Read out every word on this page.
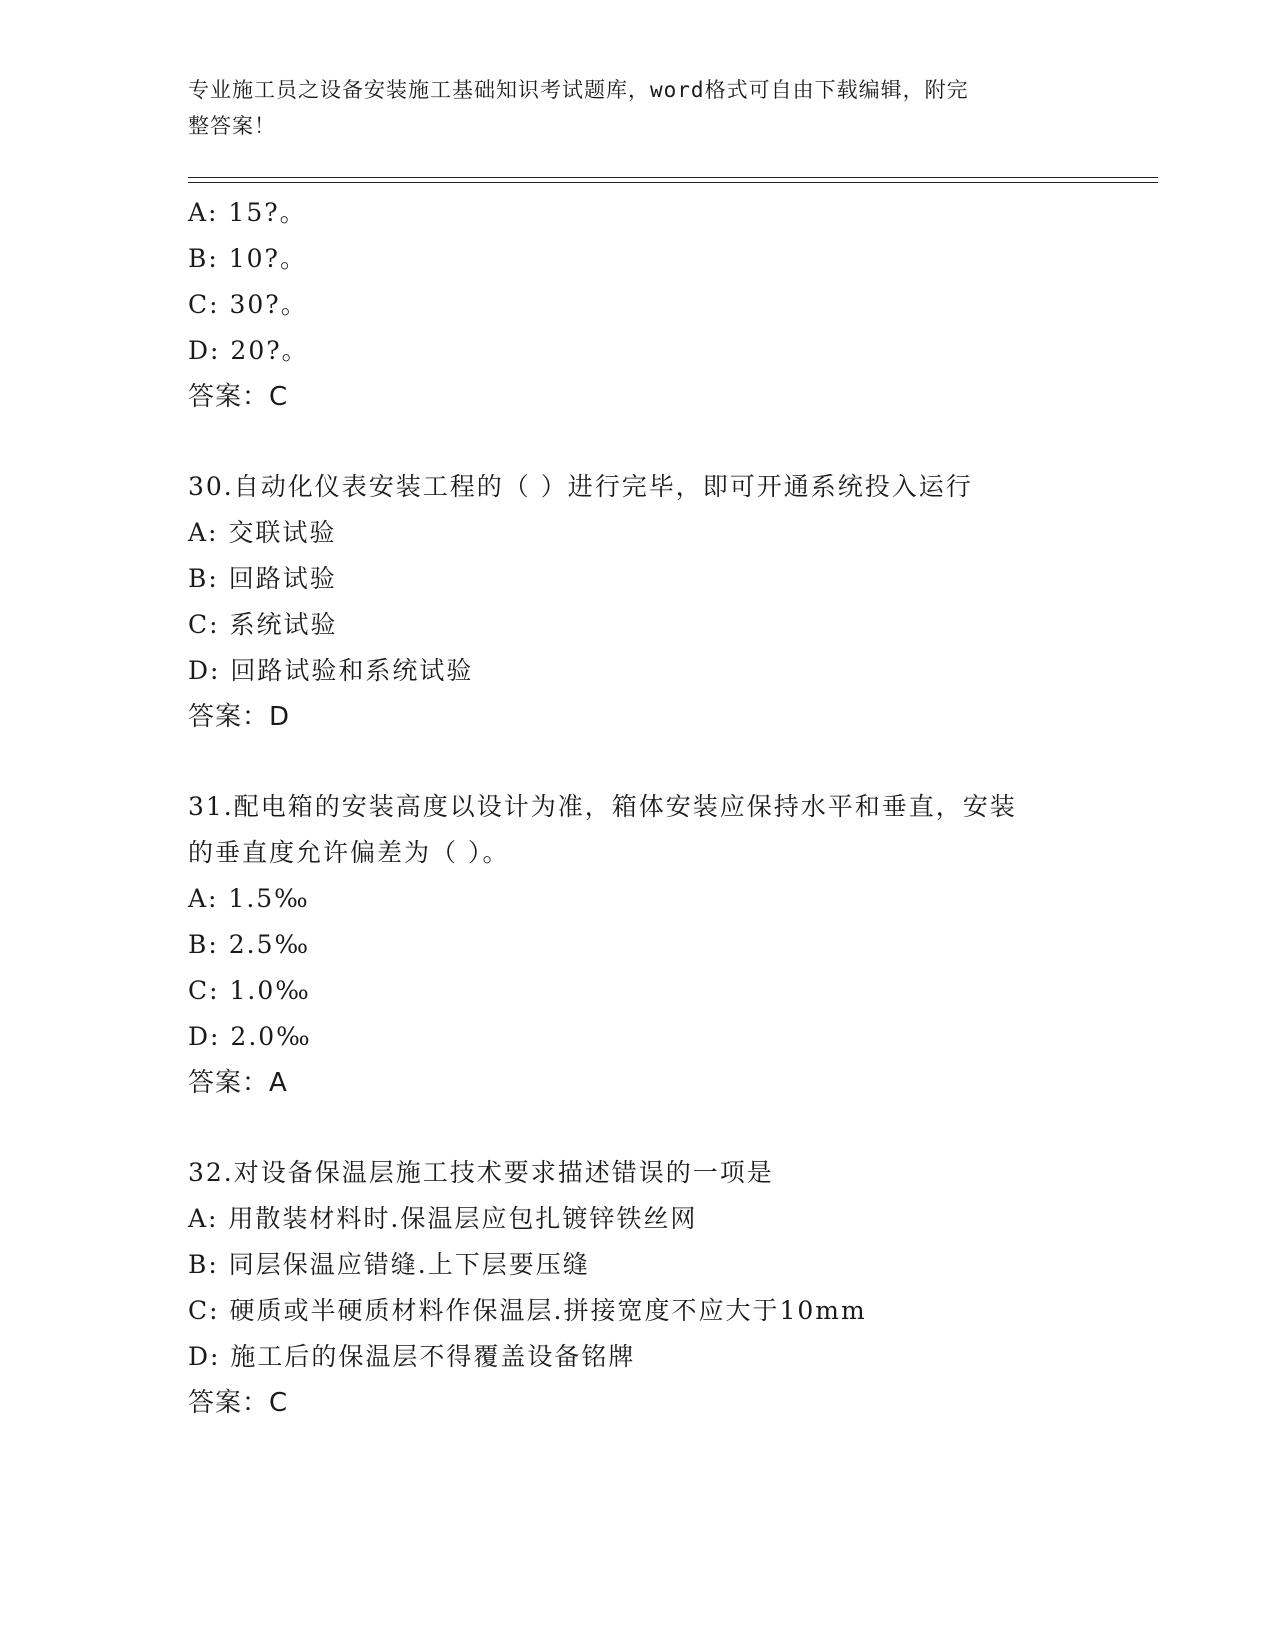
专业施工员之设备安装施工基础知识考试题库，word格式可自由下载编辑，附完
整答案！
A: 15?。
B: 10?。
C: 30?。
D: 20?。
答案：C
30.自动化仪表安装工程的（ ）进行完毕，即可开通系统投入运行
A: 交联试验
B: 回路试验
C: 系统试验
D: 回路试验和系统试验
答案：D
31.配电箱的安装高度以设计为准，箱体安装应保持水平和垂直，安装
的垂直度允许偏差为（ ）。
A: 1.5‰
B: 2.5‰
C: 1.0‰
D: 2.0‰
答案：A
32.对设备保温层施工技术要求描述错误的一项是
A: 用散装材料时.保温层应包扎镀锌铁丝网
B: 同层保温应错缝.上下层要压缝
C: 硬质或半硬质材料作保温层.拼接宽度不应大于10mm
D: 施工后的保温层不得覆盖设备铭牌
答案：C
